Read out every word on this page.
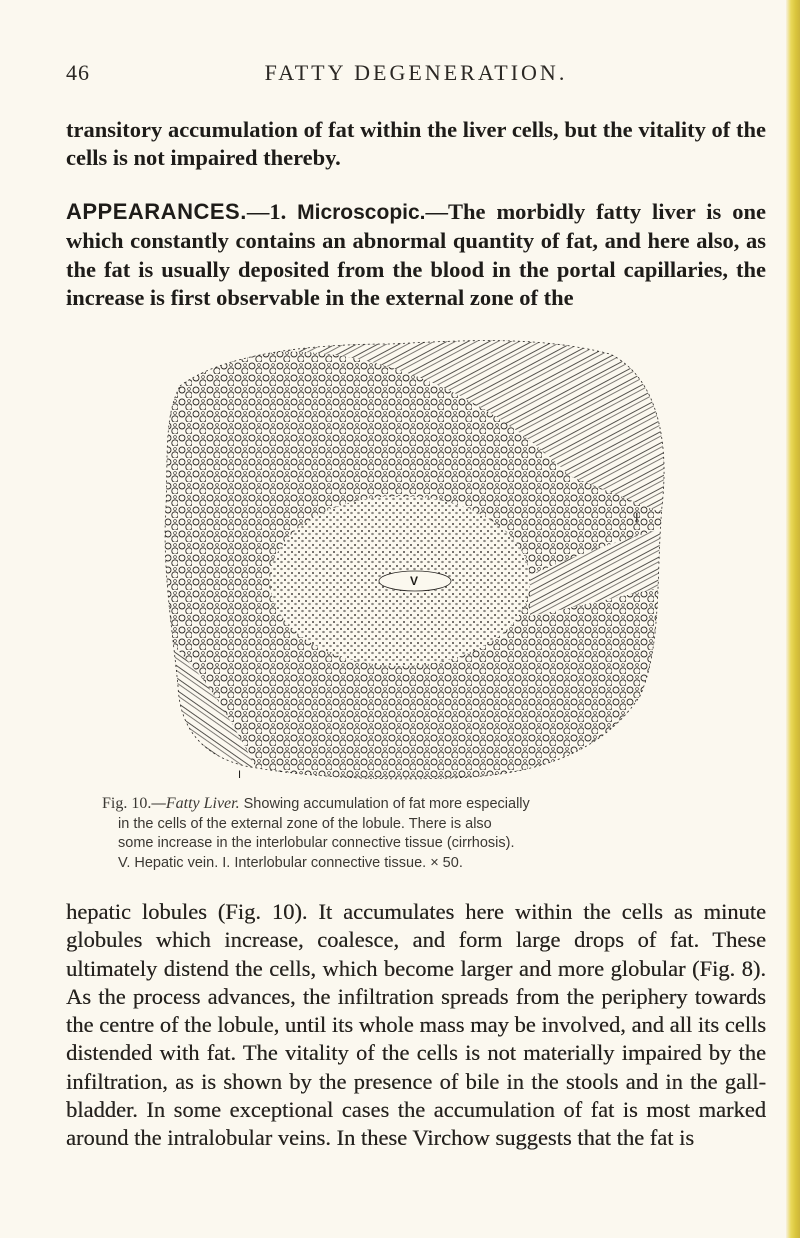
46	FATTY DEGENERATION.

transitory accumulation of fat within the liver cells, but the vitality of the cells is not impaired thereby.

APPEARANCES.—1. Microscopic.—The morbidly fatty liver is one which constantly contains an abnormal quantity of fat, and here also, as the fat is usually deposited from the blood in the portal capillaries, the increase is first observable in the external zone of the

V
I
I
Fig. 10.—Fatty Liver. Showing accumulation of fat more especially
in the cells of the external zone of the lobule. There is also
some increase in the interlobular connective tissue (cirrhosis).
V. Hepatic vein. I. Interlobular connective tissue. × 50.

hepatic lobules (Fig. 10). It accumulates here within the cells as minute globules which increase, coalesce, and form large drops of fat. These ultimately distend the cells, which become larger and more globular (Fig. 8). As the process advances, the infiltration spreads from the periphery towards the centre of the lobule, until its whole mass may be involved, and all its cells distended with fat. The vitality of the cells is not materially impaired by the infiltration, as is shown by the presence of bile in the stools and in the gall-bladder. In some exceptional cases the accumulation of fat is most marked around the intralobular veins. In these Virchow suggests that the fat is
